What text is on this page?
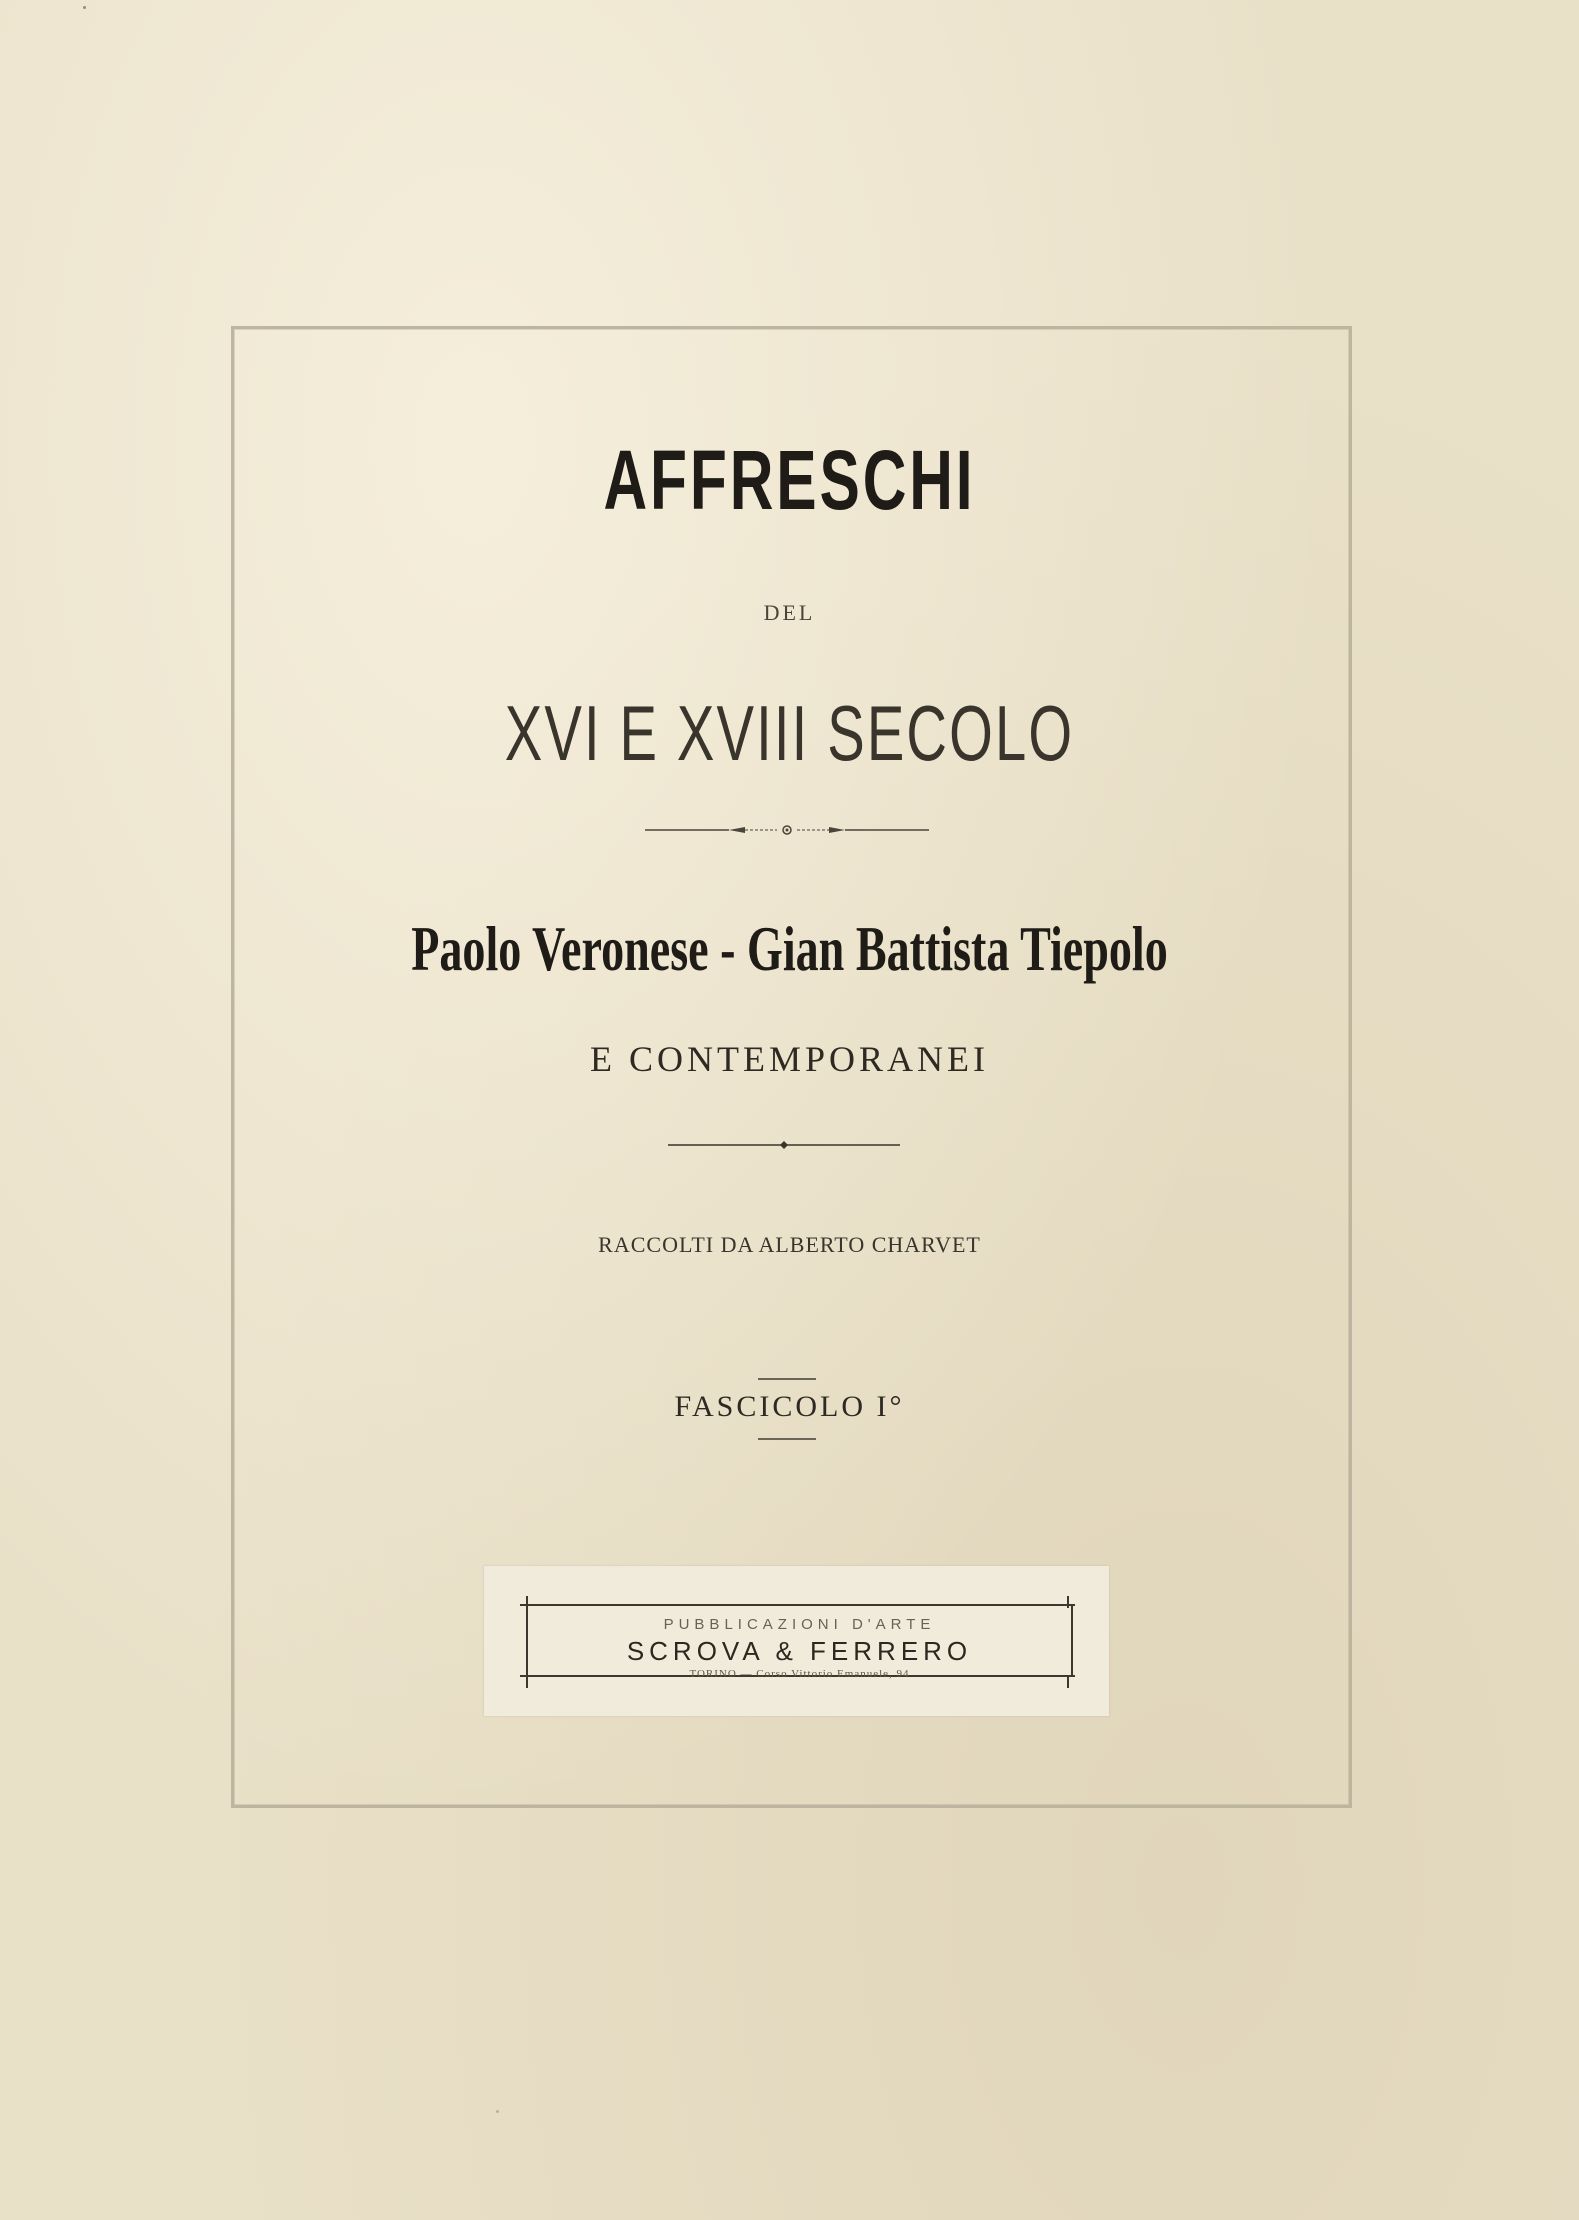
AFFRESCHI
DEL
XVI E XVIII SECOLO
Paolo Veronese - Gian Battista Tiepolo
E CONTEMPORANEI
RACCOLTI DA ALBERTO CHARVET
FASCICOLO I°
PUBBLICAZIONI D'ARTE
SCROVA & FERRERO
TORINO — Corso Vittorio Emanuele, 94
